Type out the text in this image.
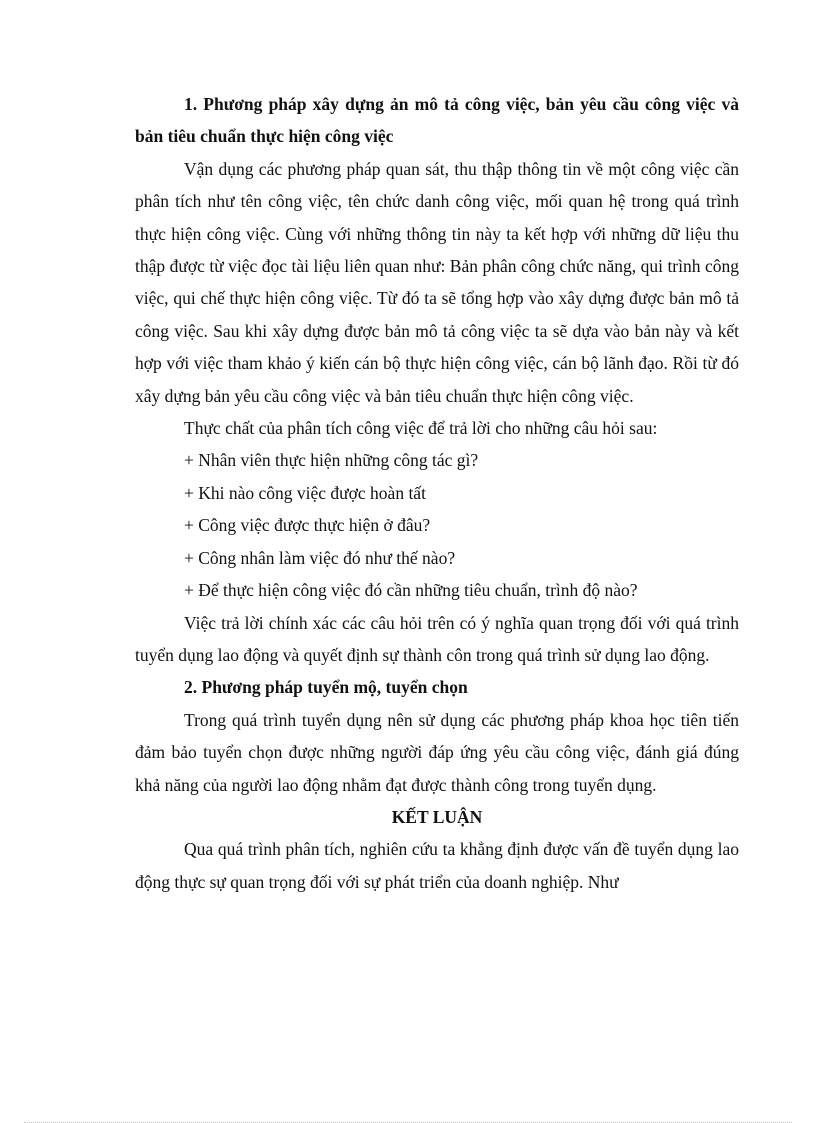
1. Phương pháp xây dựng ản mô tả công việc, bản yêu cầu công việc và bản tiêu chuẩn thực hiện công việc

Vận dụng các phương pháp quan sát, thu thập thông tin về một công việc cần phân tích như tên công việc, tên chức danh công việc, mối quan hệ trong quá trình thực hiện công việc. Cùng với những thông tin này ta kết hợp với những dữ liệu thu thập được từ việc đọc tài liệu liên quan như: Bản phân công chức năng, qui trình công việc, qui chế thực hiện công việc. Từ đó ta sẽ tổng hợp vào xây dựng được bản mô tả công việc. Sau khi xây dựng được bản mô tả công việc ta sẽ dựa vào bản này và kết hợp với việc tham khảo ý kiến cán bộ thực hiện công việc, cán bộ lãnh đạo. Rồi từ đó xây dựng bản yêu cầu công việc và bản tiêu chuẩn thực hiện công việc.

Thực chất của phân tích công việc để trả lời cho những câu hỏi sau:

+ Nhân viên thực hiện những công tác gì?

+ Khi nào công việc được hoàn tất

+ Công việc được thực hiện ở đâu?

+ Công nhân làm việc đó như thế nào?

+ Để thực hiện công việc đó cần những tiêu chuẩn, trình độ nào?

Việc trả lời chính xác các câu hỏi trên có ý nghĩa quan trọng đối với quá trình tuyển dụng lao động và quyết định sự thành côn trong quá trình sử dụng lao động.

2. Phương pháp tuyển mộ, tuyển chọn

Trong quá trình tuyển dụng nên sử dụng các phương pháp khoa học tiên tiến đảm bảo tuyển chọn được những người đáp ứng yêu cầu công việc, đánh giá đúng khả năng của người lao động nhằm đạt được thành công trong tuyển dụng.

KẾT LUẬN

Qua quá trình phân tích, nghiên cứu ta khẳng định được vấn đề tuyển dụng lao động thực sự quan trọng đối với sự phát triển của doanh nghiệp. Như
